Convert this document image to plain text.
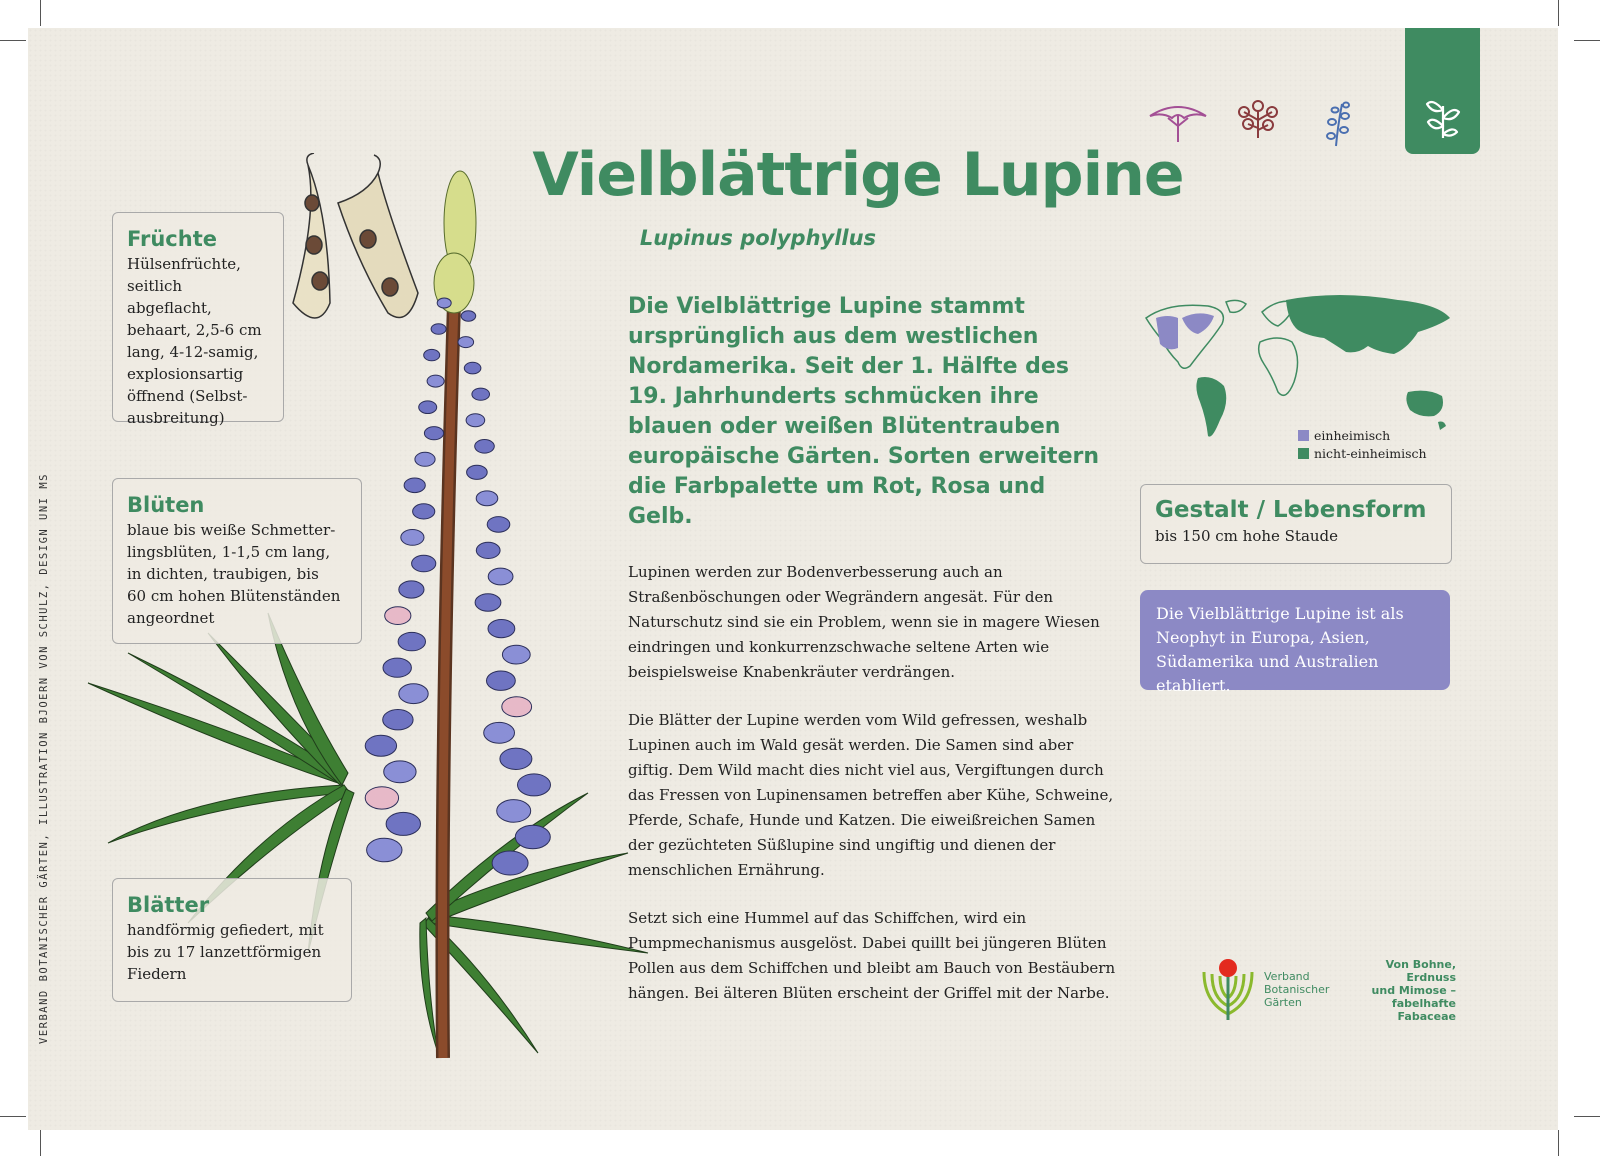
Vielblättrige Lupine
Lupinus polyphyllus
Früchte

Hülsenfrüchte,
seitlich abgeflacht,
behaart, 2,5-6 cm
lang, 4-12-samig,
explosionsartig
öffnend (Selbst-
ausbreitung)

Blüten

blaue bis weiße Schmetter-
lingsblüten, 1-1,5 cm lang,
in dichten, traubigen, bis
60 cm hohen Blütenständen
angeordnet

Blätter

handförmig gefiedert, mit
bis zu 17 lanzettförmigen
Fiedern

Die Vielblättrige Lupine stammt ursprünglich aus dem westlichen Nordamerika. Seit der 1. Hälfte des 19. Jahrhunderts schmücken ihre blauen oder weißen Blütentrauben europäische Gärten. Sorten erweitern die Farbpalette um Rot, Rosa und Gelb.

Lupinen werden zur Bodenverbesserung auch an Straßenböschungen oder Wegrändern angesät. Für den Naturschutz sind sie ein Problem, wenn sie in magere Wiesen eindringen und konkurrenzschwache seltene Arten wie beispielsweise Knabenkräuter verdrängen.

Die Blätter der Lupine werden vom Wild gefressen, weshalb Lupinen auch im Wald gesät werden. Die Samen sind aber giftig. Dem Wild macht dies nicht viel aus, Vergiftungen durch das Fressen von Lupinensamen betreffen aber Kühe, Schweine, Pferde, Schafe, Hunde und Katzen. Die eiweißreichen Samen der gezüchteten Süßlupine sind ungiftig und dienen der menschlichen Ernährung.

Setzt sich eine Hummel auf das Schiffchen, wird ein Pumpmechanismus ausgelöst. Dabei quillt bei jüngeren Blüten Pollen aus dem Schiffchen und bleibt am Bauch von Bestäubern hängen. Bei älteren Blüten erscheint der Griffel mit der Narbe.

einheimisch
nicht-einheimisch
Gestalt / Lebensform

bis 150 cm hohe Staude

Die Vielblättrige Lupine ist als Neophyt in Europa, Asien, Südamerika und Australien etabliert.
Verband
Botanischer
Gärten
Von Bohne,
Erdnuss
und Mimose –
fabelhafte
Fabaceae
VERBAND BOTANISCHER GÄRTEN, ILLUSTRATION BJOERN VON SCHULZ, DESIGN UNI MS
